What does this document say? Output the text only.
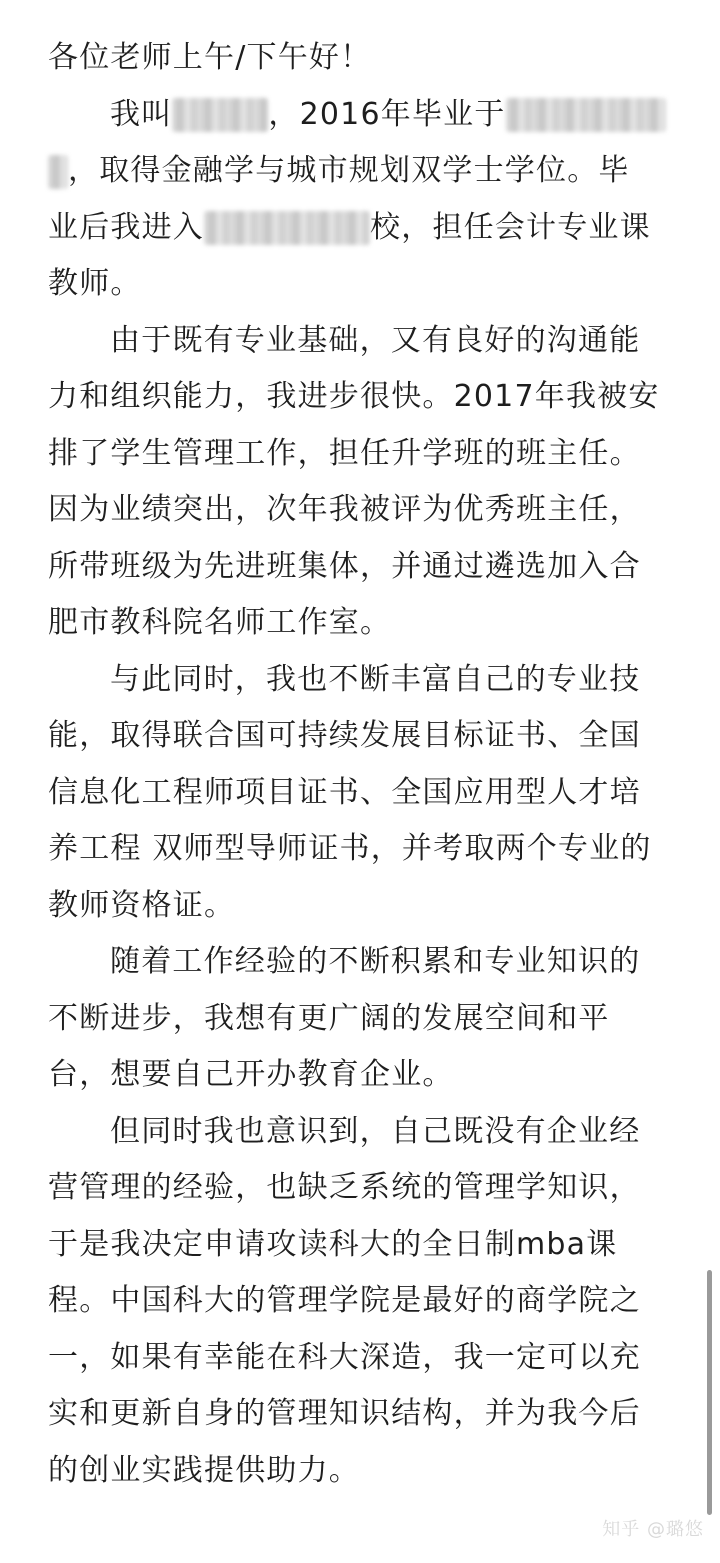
各位老师上午/下午好！
我叫	，2016年毕业于
，取得金融学与城市规划双学士学位。毕
业后我进入	校，担任会计专业课
教师。
由于既有专业基础，又有良好的沟通能
力和组织能力，我进步很快。2017年我被安
排了学生管理工作，担任升学班的班主任。
因为业绩突出，次年我被评为优秀班主任，
所带班级为先进班集体，并通过遴选加入合
肥市教科院名师工作室。
与此同时，我也不断丰富自己的专业技
能，取得联合国可持续发展目标证书、全国
信息化工程师项目证书、全国应用型人才培
养工程 双师型导师证书，并考取两个专业的
教师资格证。
随着工作经验的不断积累和专业知识的
不断进步，我想有更广阔的发展空间和平
台，想要自己开办教育企业。
但同时我也意识到，自己既没有企业经
营管理的经验，也缺乏系统的管理学知识，
于是我决定申请攻读科大的全日制mba课
程。中国科大的管理学院是最好的商学院之
一，如果有幸能在科大深造，我一定可以充
实和更新自身的管理知识结构，并为我今后
的创业实践提供助力。
知乎 @璐悠
